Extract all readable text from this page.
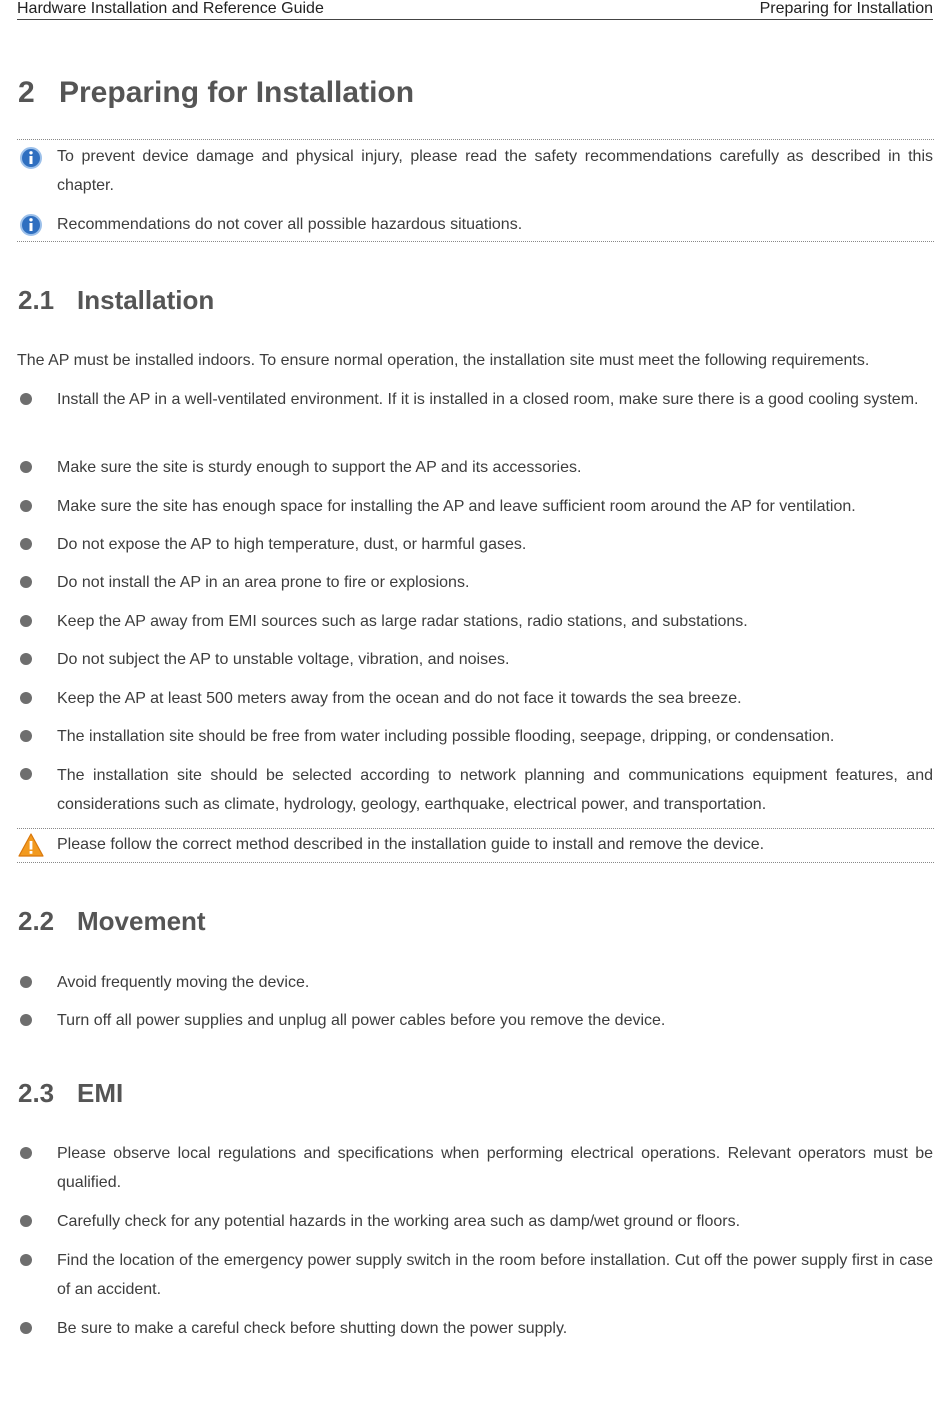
Hardware Installation and Reference Guide	Preparing for Installation
2 Preparing for Installation
To prevent device damage and physical injury, please read the safety recommendations carefully as described in this chapter.
Recommendations do not cover all possible hazardous situations.
2.1 Installation
The AP must be installed indoors. To ensure normal operation, the installation site must meet the following requirements.
Install the AP in a well-ventilated environment. If it is installed in a closed room, make sure there is a good cooling system.
Make sure the site is sturdy enough to support the AP and its accessories.
Make sure the site has enough space for installing the AP and leave sufficient room around the AP for ventilation.
Do not expose the AP to high temperature, dust, or harmful gases.
Do not install the AP in an area prone to fire or explosions.
Keep the AP away from EMI sources such as large radar stations, radio stations, and substations.
Do not subject the AP to unstable voltage, vibration, and noises.
Keep the AP at least 500 meters away from the ocean and do not face it towards the sea breeze.
The installation site should be free from water including possible flooding, seepage, dripping, or condensation.
The installation site should be selected according to network planning and communications equipment features, and considerations such as climate, hydrology, geology, earthquake, electrical power, and transportation.
Please follow the correct method described in the installation guide to install and remove the device.
2.2 Movement
Avoid frequently moving the device.
Turn off all power supplies and unplug all power cables before you remove the device.
2.3 EMI
Please observe local regulations and specifications when performing electrical operations. Relevant operators must be qualified.
Carefully check for any potential hazards in the working area such as damp/wet ground or floors.
Find the location of the emergency power supply switch in the room before installation. Cut off the power supply first in case of an accident.
Be sure to make a careful check before shutting down the power supply.
